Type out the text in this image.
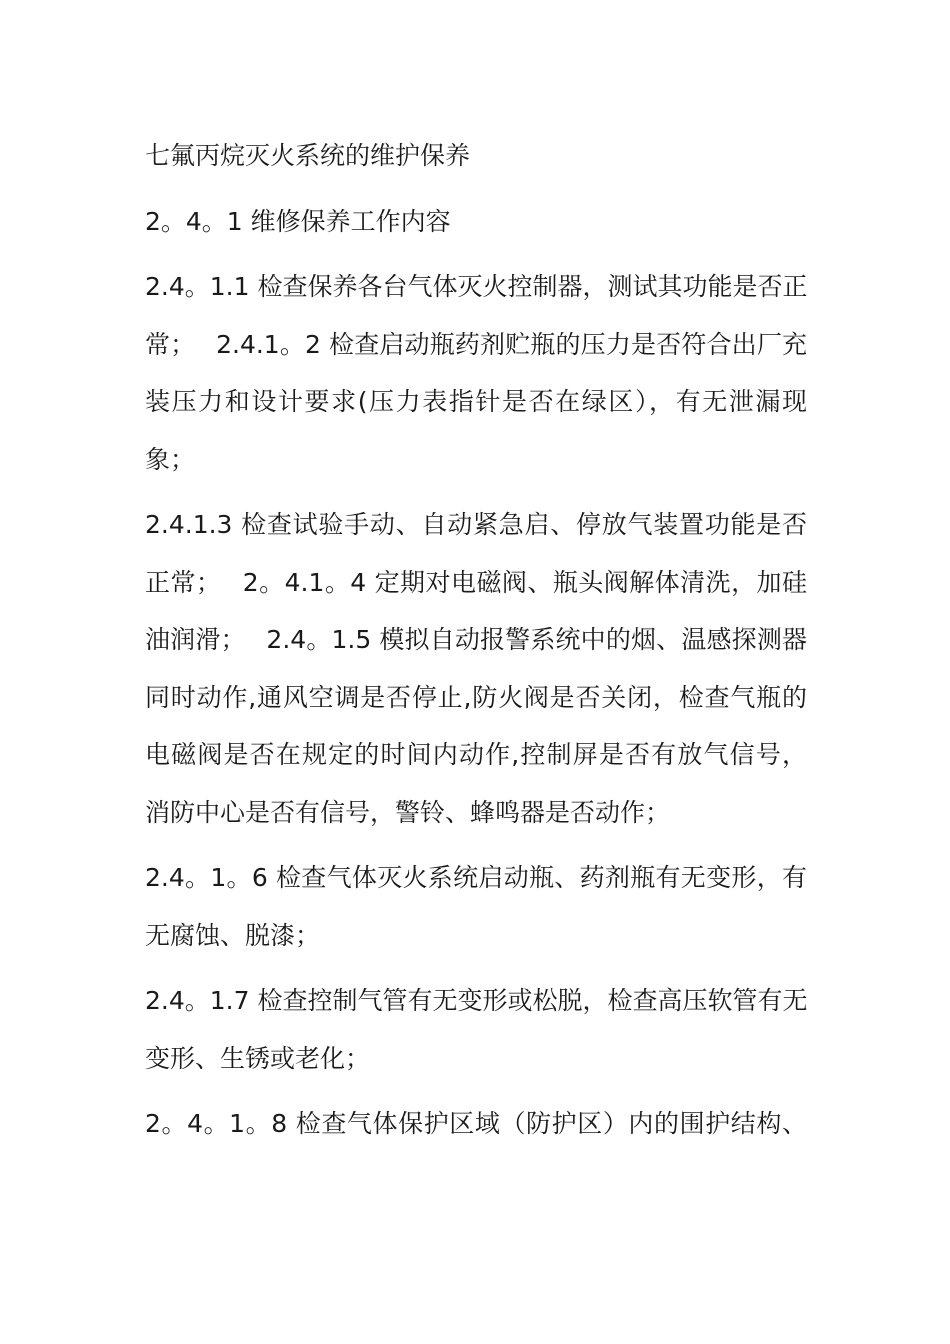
七氟丙烷灭火系统的维护保养

2。4。1 维修保养工作内容

2.4。1.1 检查保养各台气体灭火控制器，测试其功能是否正
常；　 2.4.1。2 检查启动瓶药剂贮瓶的压力是否符合出厂充
装压力和设计要求(压力表指针是否在绿区），有无泄漏现
象；

2.4.1.3 检查试验手动、自动紧急启、停放气装置功能是否
正常；　 2。4.1。4 定期对电磁阀、瓶头阀解体清洗，加硅
油润滑；　 2.4。1.5 模拟自动报警系统中的烟、温感探测器
同时动作,通风空调是否停止,防火阀是否关闭，检查气瓶的
电磁阀是否在规定的时间内动作,控制屏是否有放气信号，
消防中心是否有信号，警铃、蜂鸣器是否动作；

2.4。1。6 检查气体灭火系统启动瓶、药剂瓶有无变形，有
无腐蚀、脱漆；

2.4。1.7 检查控制气管有无变形或松脱，检查高压软管有无
变形、生锈或老化；

2。4。1。8 检查气体保护区域（防护区）内的围护结构、
